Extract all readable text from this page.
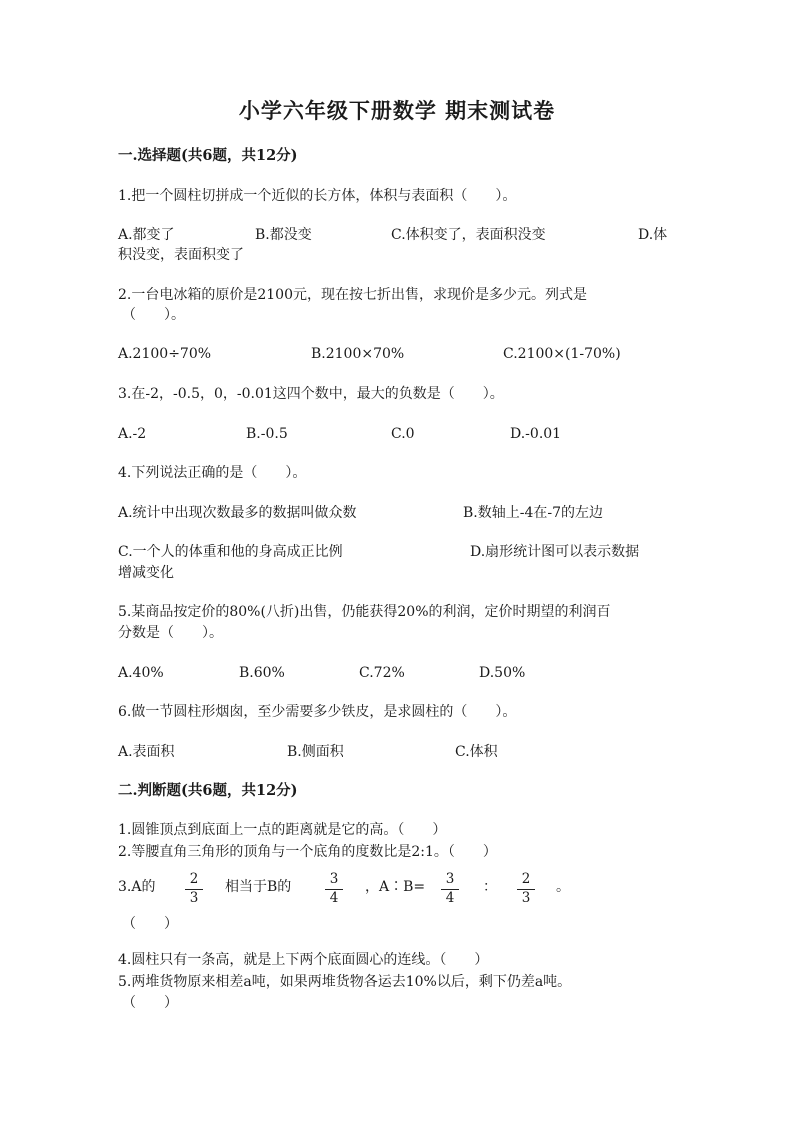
小学六年级下册数学 期末测试卷
一.选择题(共6题，共12分)
1.把一个圆柱切拼成一个近似的长方体，体积与表面积（　　）。
A.都变了	B.都没变	C.体积变了，表面积没变	D.体
积没变，表面积变了
2.一台电冰箱的原价是2100元，现在按七折出售，求现价是多少元。列式是
（　　）。
A.2100÷70%	B.2100×70%	C.2100×(1-70%)
3.在-2，-0.5，0，-0.01这四个数中，最大的负数是（　　）。
A.-2	B.-0.5	C.0	D.-0.01
4.下列说法正确的是（　　）。
A.统计中出现次数最多的数据叫做众数	B.数轴上-4在-7的左边
C.一个人的体重和他的身高成正比例	D.扇形统计图可以表示数据
增减变化
5.某商品按定价的80%(八折)出售，仍能获得20%的利润，定价时期望的利润百
分数是（　　）。
A.40%	B.60%	C.72%	D.50%
6.做一节圆柱形烟囱，至少需要多少铁皮，是求圆柱的（　　）。
A.表面积	B.侧面积	C.体积
二.判断题(共6题，共12分)
1.圆锥顶点到底面上一点的距离就是它的高。（　　）
2.等腰直角三角形的顶角与一个底角的度数比是2:1。（　　）
3.A的	2
3
相当于B的	3
4
，A∶B=	3
4
：	2
3
。
（　　）
4.圆柱只有一条高，就是上下两个底面圆心的连线。（　　）
5.两堆货物原来相差a吨，如果两堆货物各运去10%以后，剩下仍差a吨。
（　　）
